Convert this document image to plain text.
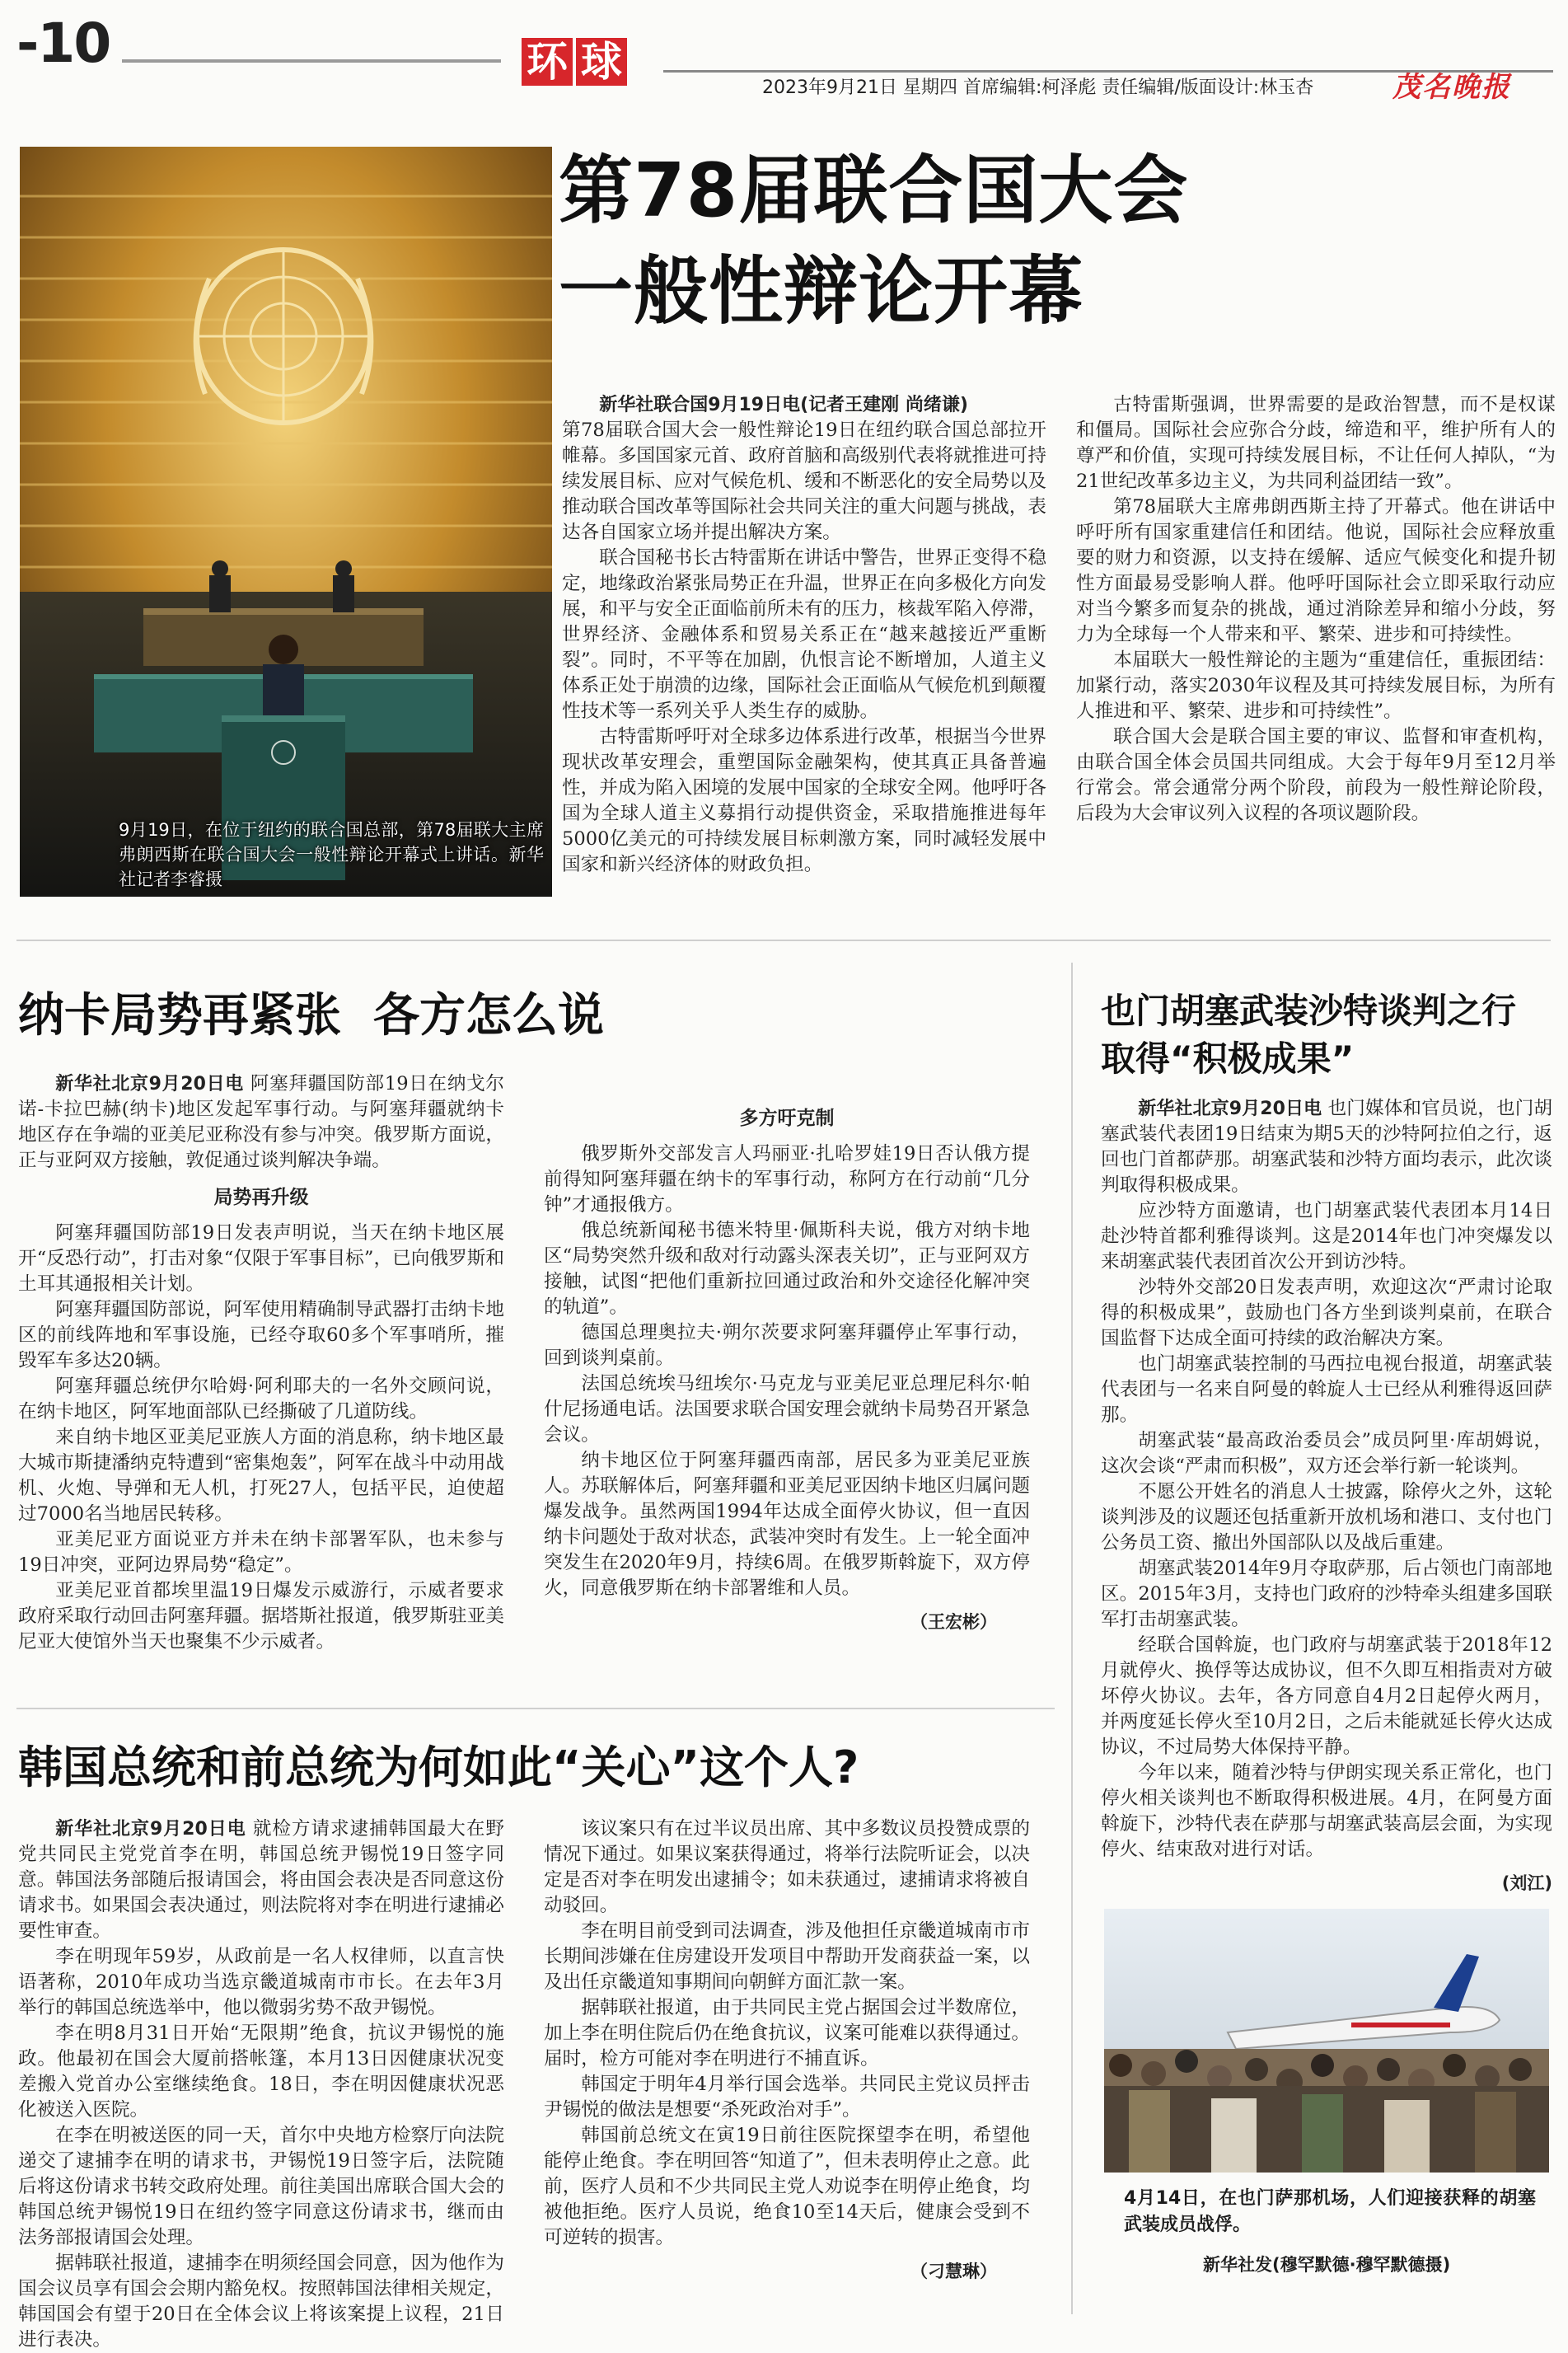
-10	环 球
2023年9月21日 星期四 首席编辑:柯泽彪 责任编辑/版面设计:林玉杏	茂名晚报
9月19日，在位于纽约的联合国总部，第78届联大主席弗朗西斯在联合国大会一般性辩论开幕式上讲话。新华社记者李睿摄
第78届联合国大会
一般性辩论开幕

新华社联合国9月19日电(记者王建刚 尚绪谦)

第78届联合国大会一般性辩论19日在纽约联合国总部拉开帷幕。多国国家元首、政府首脑和高级别代表将就推进可持续发展目标、应对气候危机、缓和不断恶化的安全局势以及推动联合国改革等国际社会共同关注的重大问题与挑战，表达各自国家立场并提出解决方案。

联合国秘书长古特雷斯在讲话中警告，世界正变得不稳定，地缘政治紧张局势正在升温，世界正在向多极化方向发展，和平与安全正面临前所未有的压力，核裁军陷入停滞，世界经济、金融体系和贸易关系正在“越来越接近严重断裂”。同时，不平等在加剧，仇恨言论不断增加，人道主义体系正处于崩溃的边缘，国际社会正面临从气候危机到颠覆性技术等一系列关乎人类生存的威胁。

古特雷斯呼吁对全球多边体系进行改革，根据当今世界现状改革安理会，重塑国际金融架构，使其真正具备普遍性，并成为陷入困境的发展中国家的全球安全网。他呼吁各国为全球人道主义募捐行动提供资金，采取措施推进每年5000亿美元的可持续发展目标刺激方案，同时减轻发展中国家和新兴经济体的财政负担。

古特雷斯强调，世界需要的是政治智慧，而不是权谋和僵局。国际社会应弥合分歧，缔造和平，维护所有人的尊严和价值，实现可持续发展目标，不让任何人掉队，“为21世纪改革多边主义，为共同利益团结一致”。

第78届联大主席弗朗西斯主持了开幕式。他在讲话中呼吁所有国家重建信任和团结。他说，国际社会应释放重要的财力和资源，以支持在缓解、适应气候变化和提升韧性方面最易受影响人群。他呼吁国际社会立即采取行动应对当今繁多而复杂的挑战，通过消除差异和缩小分歧，努力为全球每一个人带来和平、繁荣、进步和可持续性。

本届联大一般性辩论的主题为“重建信任，重振团结：加紧行动，落实2030年议程及其可持续发展目标，为所有人推进和平、繁荣、进步和可持续性”。

联合国大会是联合国主要的审议、监督和审查机构，由联合国全体会员国共同组成。大会于每年9月至12月举行常会。常会通常分两个阶段，前段为一般性辩论阶段，后段为大会审议列入议程的各项议题阶段。

纳卡局势再紧张  各方怎么说

新华社北京9月20日电 阿塞拜疆国防部19日在纳戈尔诺-卡拉巴赫(纳卡)地区发起军事行动。与阿塞拜疆就纳卡地区存在争端的亚美尼亚称没有参与冲突。俄罗斯方面说，正与亚阿双方接触，敦促通过谈判解决争端。

局势再升级

阿塞拜疆国防部19日发表声明说，当天在纳卡地区展开“反恐行动”，打击对象“仅限于军事目标”，已向俄罗斯和土耳其通报相关计划。

阿塞拜疆国防部说，阿军使用精确制导武器打击纳卡地区的前线阵地和军事设施，已经夺取60多个军事哨所，摧毁军车多达20辆。

阿塞拜疆总统伊尔哈姆·阿利耶夫的一名外交顾问说，在纳卡地区，阿军地面部队已经撕破了几道防线。

来自纳卡地区亚美尼亚族人方面的消息称，纳卡地区最大城市斯捷潘纳克特遭到“密集炮轰”，阿军在战斗中动用战机、火炮、导弹和无人机，打死27人，包括平民，迫使超过7000名当地居民转移。

亚美尼亚方面说亚方并未在纳卡部署军队，也未参与19日冲突，亚阿边界局势“稳定”。

亚美尼亚首都埃里温19日爆发示威游行，示威者要求政府采取行动回击阿塞拜疆。据塔斯社报道，俄罗斯驻亚美尼亚大使馆外当天也聚集不少示威者。

多方吁克制

俄罗斯外交部发言人玛丽亚·扎哈罗娃19日否认俄方提前得知阿塞拜疆在纳卡的军事行动，称阿方在行动前“几分钟”才通报俄方。

俄总统新闻秘书德米特里·佩斯科夫说，俄方对纳卡地区“局势突然升级和敌对行动露头深表关切”，正与亚阿双方接触，试图“把他们重新拉回通过政治和外交途径化解冲突的轨道”。

德国总理奥拉夫·朔尔茨要求阿塞拜疆停止军事行动，回到谈判桌前。

法国总统埃马纽埃尔·马克龙与亚美尼亚总理尼科尔·帕什尼扬通电话。法国要求联合国安理会就纳卡局势召开紧急会议。

纳卡地区位于阿塞拜疆西南部，居民多为亚美尼亚族人。苏联解体后，阿塞拜疆和亚美尼亚因纳卡地区归属问题爆发战争。虽然两国1994年达成全面停火协议，但一直因纳卡问题处于敌对状态，武装冲突时有发生。上一轮全面冲突发生在2020年9月，持续6周。在俄罗斯斡旋下，双方停火，同意俄罗斯在纳卡部署维和人员。

（王宏彬）
韩国总统和前总统为何如此“关心”这个人?

新华社北京9月20日电 就检方请求逮捕韩国最大在野党共同民主党党首李在明，韩国总统尹锡悦19日签字同意。韩国法务部随后报请国会，将由国会表决是否同意这份请求书。如果国会表决通过，则法院将对李在明进行逮捕必要性审查。

李在明现年59岁，从政前是一名人权律师，以直言快语著称，2010年成功当选京畿道城南市市长。在去年3月举行的韩国总统选举中，他以微弱劣势不敌尹锡悦。

李在明8月31日开始“无限期”绝食，抗议尹锡悦的施政。他最初在国会大厦前搭帐篷，本月13日因健康状况变差搬入党首办公室继续绝食。18日，李在明因健康状况恶化被送入医院。

在李在明被送医的同一天，首尔中央地方检察厅向法院递交了逮捕李在明的请求书，尹锡悦19日签字后，法院随后将这份请求书转交政府处理。前往美国出席联合国大会的韩国总统尹锡悦19日在纽约签字同意这份请求书，继而由法务部报请国会处理。

据韩联社报道，逮捕李在明须经国会同意，因为他作为国会议员享有国会会期内豁免权。按照韩国法律相关规定，韩国国会有望于20日在全体会议上将该案提上议程，21日进行表决。

该议案只有在过半议员出席、其中多数议员投赞成票的情况下通过。如果议案获得通过，将举行法院听证会，以决定是否对李在明发出逮捕令；如未获通过，逮捕请求将被自动驳回。

李在明目前受到司法调查，涉及他担任京畿道城南市市长期间涉嫌在住房建设开发项目中帮助开发商获益一案，以及出任京畿道知事期间向朝鲜方面汇款一案。

据韩联社报道，由于共同民主党占据国会过半数席位，加上李在明住院后仍在绝食抗议，议案可能难以获得通过。届时，检方可能对李在明进行不捕直诉。

韩国定于明年4月举行国会选举。共同民主党议员抨击尹锡悦的做法是想要“杀死政治对手”。

韩国前总统文在寅19日前往医院探望李在明，希望他能停止绝食。李在明回答“知道了”，但未表明停止之意。此前，医疗人员和不少共同民主党人劝说李在明停止绝食，均被他拒绝。医疗人员说，绝食10至14天后，健康会受到不可逆转的损害。

（刁慧琳）
也门胡塞武装沙特谈判之行
取得“积极成果”

新华社北京9月20日电 也门媒体和官员说，也门胡塞武装代表团19日结束为期5天的沙特阿拉伯之行，返回也门首都萨那。胡塞武装和沙特方面均表示，此次谈判取得积极成果。

应沙特方面邀请，也门胡塞武装代表团本月14日赴沙特首都利雅得谈判。这是2014年也门冲突爆发以来胡塞武装代表团首次公开到访沙特。

沙特外交部20日发表声明，欢迎这次“严肃讨论取得的积极成果”，鼓励也门各方坐到谈判桌前，在联合国监督下达成全面可持续的政治解决方案。

也门胡塞武装控制的马西拉电视台报道，胡塞武装代表团与一名来自阿曼的斡旋人士已经从利雅得返回萨那。

胡塞武装“最高政治委员会”成员阿里·库胡姆说，这次会谈“严肃而积极”，双方还会举行新一轮谈判。

不愿公开姓名的消息人士披露，除停火之外，这轮谈判涉及的议题还包括重新开放机场和港口、支付也门公务员工资、撤出外国部队以及战后重建。

胡塞武装2014年9月夺取萨那，后占领也门南部地区。2015年3月，支持也门政府的沙特牵头组建多国联军打击胡塞武装。

经联合国斡旋，也门政府与胡塞武装于2018年12月就停火、换俘等达成协议，但不久即互相指责对方破坏停火协议。去年，各方同意自4月2日起停火两月，并两度延长停火至10月2日，之后未能就延长停火达成协议，不过局势大体保持平静。

今年以来，随着沙特与伊朗实现关系正常化，也门停火相关谈判也不断取得积极进展。4月，在阿曼方面斡旋下，沙特代表在萨那与胡塞武装高层会面，为实现停火、结束敌对进行对话。

(刘江)
4月14日，在也门萨那机场，人们迎接获释的胡塞武装成员战俘。
新华社发(穆罕默德·穆罕默德摄)
